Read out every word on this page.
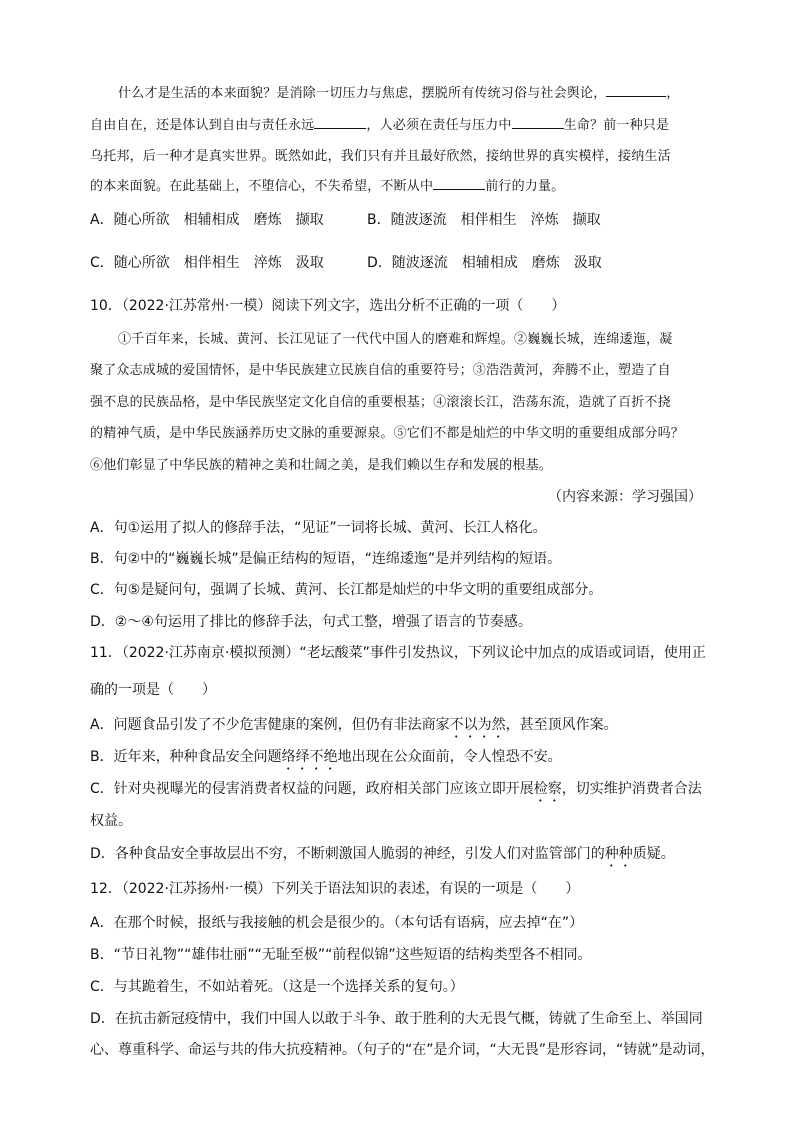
什么才是生活的本来面貌？是消除一切压力与焦虑，摆脱所有传统习俗与社会舆论，	，
自由自在，还是体认到自由与责任永远	，人必须在责任与压力中	生命？前一种只是
乌托邦，后一种才是真实世界。既然如此，我们只有并且最好欣然，接纳世界的真实模样，接纳生活
的本来面貌。在此基础上，不堕信心，不失希望，不断从中	前行的力量。
A．随心所欲　相辅相成　磨炼　撷取	B．随波逐流　相伴相生　淬炼　撷取
C．随心所欲　相伴相生　淬炼　汲取	D．随波逐流　相辅相成　磨炼　汲取
10．（2022·江苏常州·一模）阅读下列文字，选出分析不正确的一项（　　）
①千百年来，长城、黄河、长江见证了一代代中国人的磨难和辉煌。②巍巍长城，连绵逶迤，凝
聚了众志成城的爱国情怀，是中华民族建立民族自信的重要符号；③浩浩黄河，奔腾不止，塑造了自
强不息的民族品格，是中华民族坚定文化自信的重要根基；④滚滚长江，浩荡东流，造就了百折不挠
的精神气质，是中华民族涵养历史文脉的重要源泉。⑤它们不都是灿烂的中华文明的重要组成部分吗？
⑥他们彰显了中华民族的精神之美和壮阔之美，是我们赖以生存和发展的根基。
（内容来源：学习强国）
A．句①运用了拟人的修辞手法，“见证”一词将长城、黄河、长江人格化。
B．句②中的“巍巍长城”是偏正结构的短语，“连绵逶迤”是并列结构的短语。
C．句⑤是疑问句，强调了长城、黄河、长江都是灿烂的中华文明的重要组成部分。
D．②～④句运用了排比的修辞手法，句式工整，增强了语言的节奏感。
11．（2022·江苏南京·模拟预测）“老坛酸菜”事件引发热议，下列议论中加点的成语或词语，使用正
确的一项是（　　）
A．问题食品引发了不少危害健康的案例，但仍有非法商家不以为然，甚至顶风作案。
B．近年来，种种食品安全问题络绎不绝地出现在公众面前，令人惶恐不安。
C．针对央视曝光的侵害消费者权益的问题，政府相关部门应该立即开展检察，切实维护消费者合法
权益。
D．各种食品安全事故层出不穷，不断刺激国人脆弱的神经，引发人们对监管部门的种种质疑。
12．（2022·江苏扬州·一模）下列关于语法知识的表述，有误的一项是（　　）
A．在那个时候，报纸与我接触的机会是很少的。（本句话有语病，应去掉“在”）
B．“节日礼物”“雄伟壮丽”“无耻至极”“前程似锦”这些短语的结构类型各不相同。
C．与其跪着生，不如站着死。（这是一个选择关系的复句。）
D．在抗击新冠疫情中，我们中国人以敢于斗争、敢于胜利的大无畏气概，铸就了生命至上、举国同
心、尊重科学、命运与共的伟大抗疫精神。（句子的“在”是介词，“大无畏”是形容词，“铸就”是动词，
